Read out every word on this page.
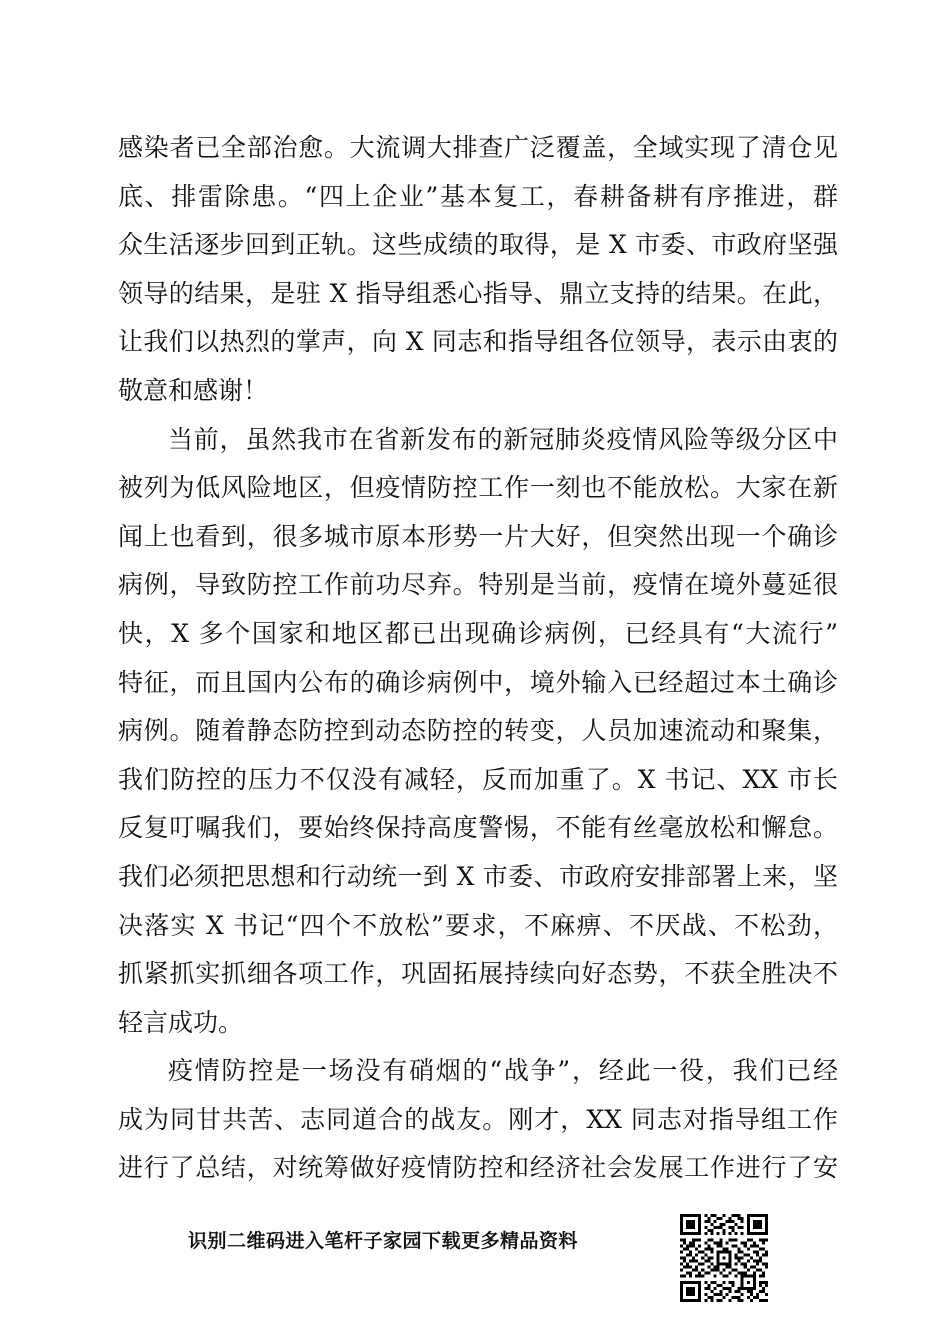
感染者已全部治愈。大流调大排查广泛覆盖，全域实现了清仓见
底、排雷除患。“四上企业”基本复工，春耕备耕有序推进，群
众生活逐步回到正轨。这些成绩的取得，是 X 市委、市政府坚强
领导的结果，是驻 X 指导组悉心指导、鼎立支持的结果。在此，
让我们以热烈的掌声，向 X 同志和指导组各位领导，表示由衷的
敬意和感谢！
当前，虽然我市在省新发布的新冠肺炎疫情风险等级分区中
被列为低风险地区，但疫情防控工作一刻也不能放松。大家在新
闻上也看到，很多城市原本形势一片大好，但突然出现一个确诊
病例，导致防控工作前功尽弃。特别是当前，疫情在境外蔓延很
快，X 多个国家和地区都已出现确诊病例，已经具有“大流行”
特征，而且国内公布的确诊病例中，境外输入已经超过本土确诊
病例。随着静态防控到动态防控的转变，人员加速流动和聚集，
我们防控的压力不仅没有减轻，反而加重了。X 书记、XX 市长
反复叮嘱我们，要始终保持高度警惕，不能有丝毫放松和懈怠。
我们必须把思想和行动统一到 X 市委、市政府安排部署上来，坚
决落实 X 书记“四个不放松”要求，不麻痹、不厌战、不松劲，
抓紧抓实抓细各项工作，巩固拓展持续向好态势，不获全胜决不
轻言成功。
疫情防控是一场没有硝烟的“战争”，经此一役，我们已经
成为同甘共苦、志同道合的战友。刚才，XX 同志对指导组工作
进行了总结，对统筹做好疫情防控和经济社会发展工作进行了安
识别二维码进入笔杆子家园下载更多精品资料
